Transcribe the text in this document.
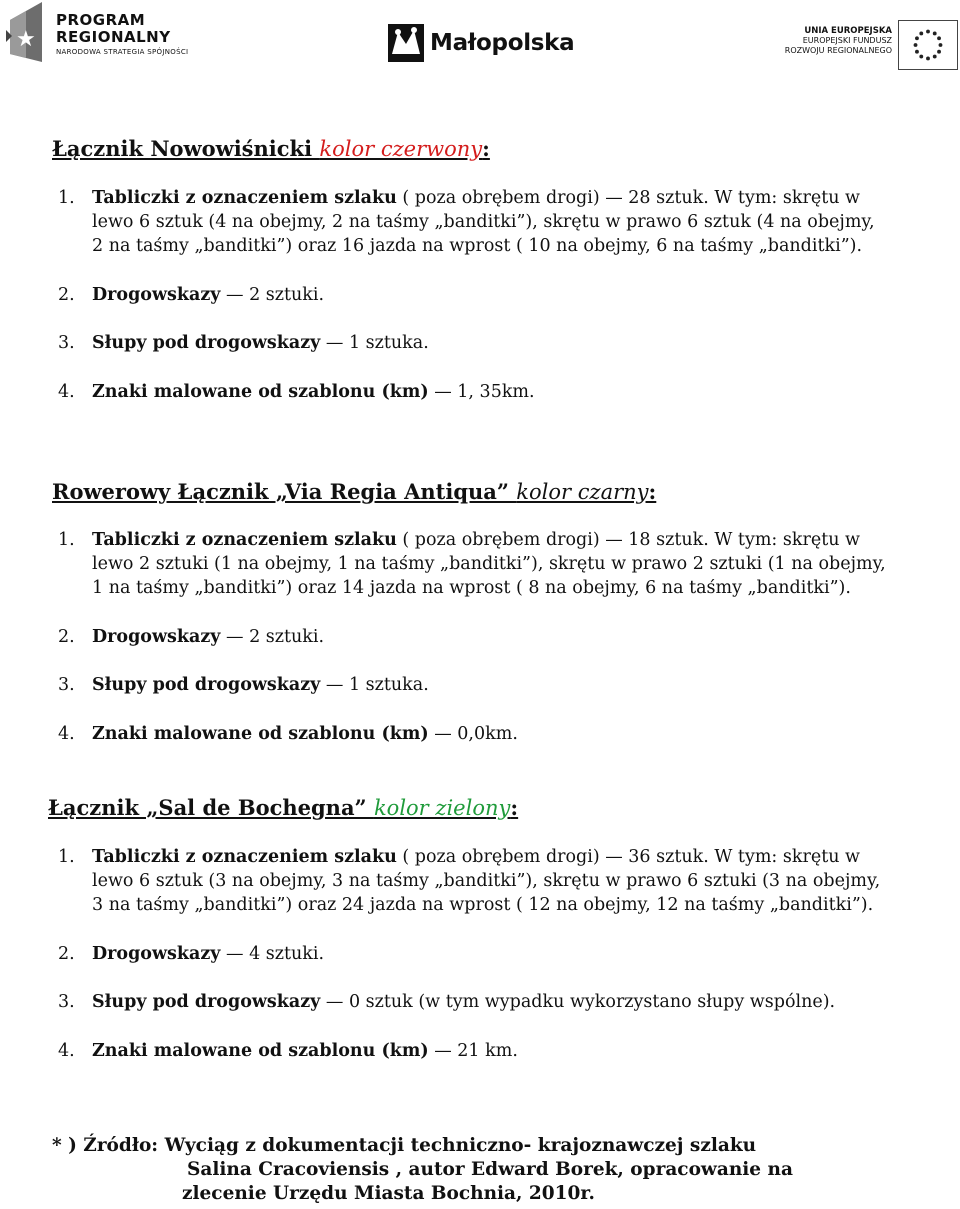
★
PROGRAM
REGIONALNY
NARODOWA STRATEGIA SPÓJNOŚCI	Małopolska	UNIA EUROPEJSKA
EUROPEJSKI FUNDUSZ
ROZWOJU REGIONALNEGO
Łącznik Nowowiśnicki kolor czerwony:
1. Tabliczki z oznaczeniem szlaku ( poza obrębem drogi) — 28 sztuk. W tym: skrętu w
lewo 6 sztuk (4 na obejmy, 2 na taśmy „banditki”), skrętu w prawo 6 sztuk (4 na obejmy,
2 na taśmy „banditki”) oraz 16 jazda na wprost ( 10 na obejmy, 6 na taśmy „banditki”).
2. Drogowskazy — 2 sztuki.
3. Słupy pod drogowskazy — 1 sztuka.
4. Znaki malowane od szablonu (km) — 1, 35km.
Rowerowy Łącznik „Via Regia Antiqua” kolor czarny:
1. Tabliczki z oznaczeniem szlaku ( poza obrębem drogi) — 18 sztuk. W tym: skrętu w
lewo 2 sztuki (1 na obejmy, 1 na taśmy „banditki”), skrętu w prawo 2 sztuki (1 na obejmy,
1 na taśmy „banditki”) oraz 14 jazda na wprost ( 8 na obejmy, 6 na taśmy „banditki”).
2. Drogowskazy — 2 sztuki.
3. Słupy pod drogowskazy — 1 sztuka.
4. Znaki malowane od szablonu (km) — 0,0km.
Łącznik „Sal de Bochegna” kolor zielony:
1. Tabliczki z oznaczeniem szlaku ( poza obrębem drogi) — 36 sztuk. W tym: skrętu w
lewo 6 sztuk (3 na obejmy, 3 na taśmy „banditki”), skrętu w prawo 6 sztuki (3 na obejmy,
3 na taśmy „banditki”) oraz 24 jazda na wprost ( 12 na obejmy, 12 na taśmy „banditki”).
2. Drogowskazy — 4 sztuki.
3. Słupy pod drogowskazy — 0 sztuk (w tym wypadku wykorzystano słupy wspólne).
4. Znaki malowane od szablonu (km) — 21 km.
* ) Źródło: Wyciąg z dokumentacji techniczno- krajoznawczej szlaku
Salina Cracoviensis , autor Edward Borek, opracowanie na
zlecenie Urzędu Miasta Bochnia, 2010r.
